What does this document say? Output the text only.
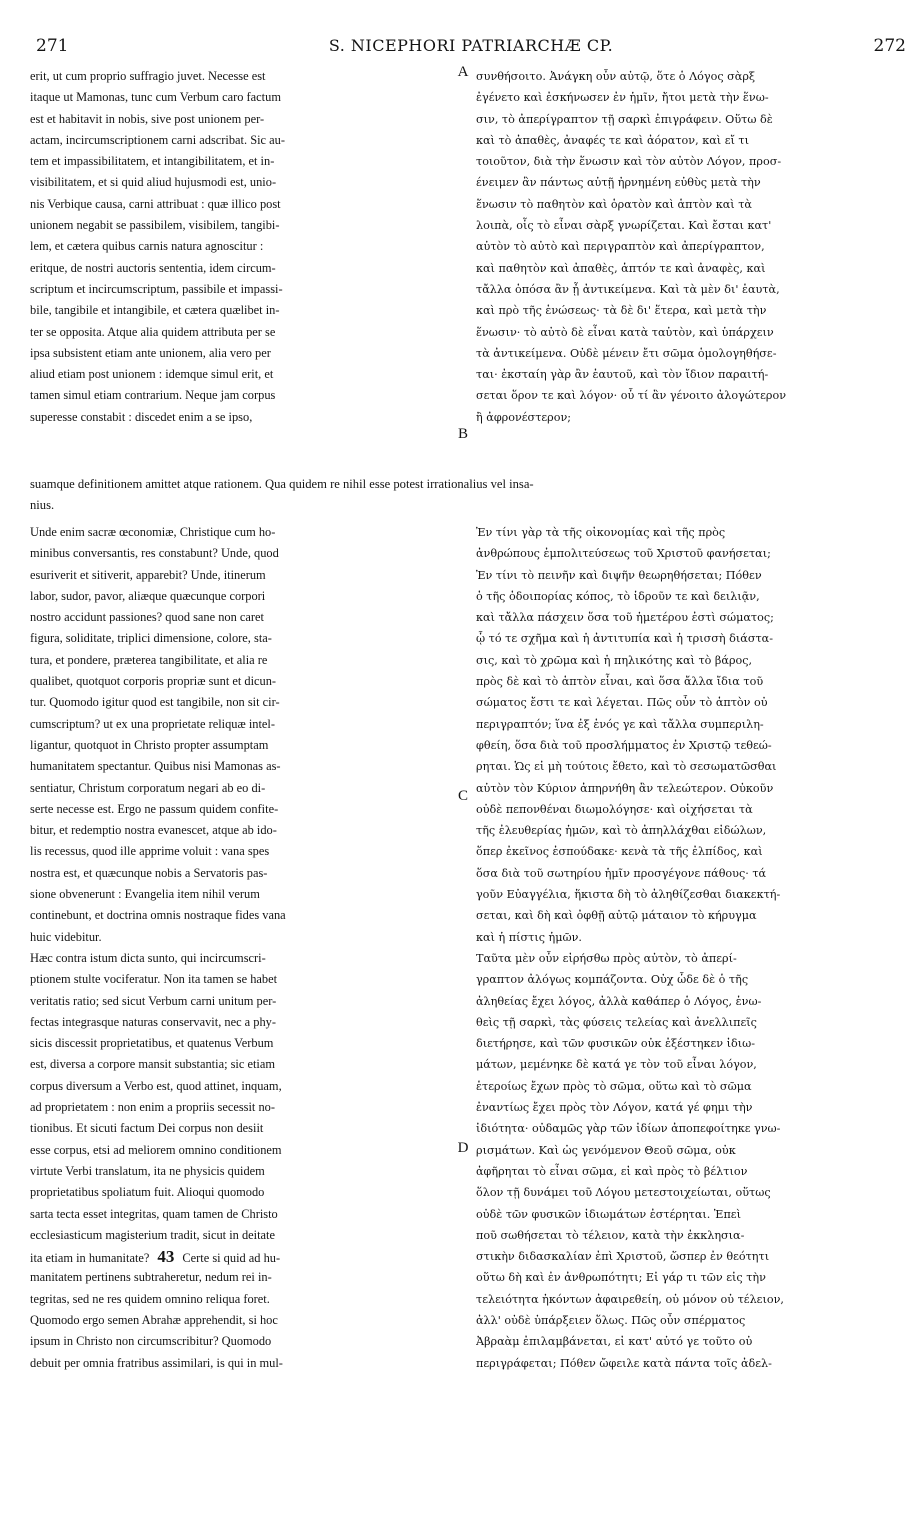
271	S. NICEPHORI PATRIARCHÆ CP.	272
erit, ut cum proprio suffragio juvet. Necesse est
itaque ut Mamonas, tunc cum Verbum caro factum
est et habitavit in nobis, sive post unionem per-
actam, incircumscriptionem carni adscribat. Sic au-
tem et impassibilitatem, et intangibilitatem, et in-
visibilitatem, et si quid aliud hujusmodi est, unio-
nis Verbique causa, carni attribuat : quæ illico post
unionem negabit se passibilem, visibilem, tangibi-
lem, et cætera quibus carnis natura agnoscitur :
eritque, de nostri auctoris sententia, idem circum-
scriptum et incircumscriptum, passibile et impassi-
bile, tangibile et intangibile, et cætera quælibet in-
ter se opposita. Atque alia quidem attributa per se
ipsa subsistent etiam ante unionem, alia vero per
aliud etiam post unionem : idemque simul erit, et
tamen simul etiam contrarium. Neque jam corpus
superesse constabit : discedet enim a se ipso,
συνθήσοιτο. Ἀνάγκη οὖν αὐτῷ, ὅτε ὁ Λόγος σὰρξ
ἐγένετο καὶ ἐσκήνωσεν ἐν ἡμῖν, ἤτοι μετὰ τὴν ἕνω-
σιν, τὸ ἀπερίγραπτον τῇ σαρκὶ ἐπιγράφειν. Οὕτω δὲ
καὶ τὸ ἀπαθὲς, ἀναφές τε καὶ ἀόρατον, καὶ εἴ τι
τοιοῦτον, διὰ τὴν ἕνωσιν καὶ τὸν αὐτὸν Λόγον, προσ-
ένειμεν ἂν πάντως αὐτῇ ἠρνημένη εὐθὺς μετὰ τὴν
ἕνωσιν τὸ παθητὸν καὶ ὁρατὸν καὶ ἁπτὸν καὶ τὰ
λοιπὰ, οἷς τὸ εἶναι σὰρξ γνωρίζεται. Καὶ ἔσται κατ'
αὐτὸν τὸ αὐτὸ καὶ περιγραπτὸν καὶ ἀπερίγραπτον,
καὶ παθητὸν καὶ ἀπαθὲς, ἁπτόν τε καὶ ἀναφὲς, καὶ
τἄλλα ὁπόσα ἂν ᾖ ἀντικείμενα. Καὶ τὰ μὲν δι' ἑαυτὰ,
καὶ πρὸ τῆς ἑνώσεως· τὰ δὲ δι' ἕτερα, καὶ μετὰ τὴν
ἕνωσιν· τὸ αὐτὸ δὲ εἶναι κατὰ ταὐτὸν, καὶ ὑπάρχειν
τὰ ἀντικείμενα. Οὐδὲ μένειν ἔτι σῶμα ὁμολογηθήσε-
ται· ἐκσταίη γὰρ ἂν ἑαυτοῦ, καὶ τὸν ἴδιον παραιτή-
σεται ὅρον τε καὶ λόγον· οὗ τί ἂν γένοιτο ἀλογώτερον
ἢ ἀφρονέστερον;
suamque definitionem amittet atque rationem. Qua quidem re nihil esse potest irrationalius vel insa-
nius.
Unde enim sacræ œconomiæ, Christique cum ho-
minibus conversantis, res constabunt? Unde, quod
esuriverit et sitiverit, apparebit? Unde, itinerum
labor, sudor, pavor, aliæque quæcunque corpori
nostro accidunt passiones? quod sane non caret
figura, soliditate, triplici dimensione, colore, sta-
tura, et pondere, præterea tangibilitate, et alia re
qualibet, quotquot corporis propriæ sunt et dicun-
tur. Quomodo igitur quod est tangibile, non sit cir-
cumscriptum? ut ex una proprietate reliquæ intel-
ligantur, quotquot in Christo propter assumptam
humanitatem spectantur. Quibus nisi Mamonas as-
sentiatur, Christum corporatum negari ab eo di-
serte necesse est. Ergo ne passum quidem confite-
bitur, et redemptio nostra evanescet, atque ab ido-
lis recessus, quod ille apprime voluit : vana spes
nostra est, et quæcunque nobis a Servatoris pas-
sione obvenerunt : Evangelia item nihil verum
continebunt, et doctrina omnis nostraque fides vana
huic videbitur.
Hæc contra istum dicta sunto, qui incircumscri-
ptionem stulte vociferatur. Non ita tamen se habet
veritatis ratio; sed sicut Verbum carni unitum per-
fectas integrasque naturas conservavit, nec a phy-
sicis discessit proprietatibus, et quatenus Verbum
est, diversa a corpore mansit substantia; sic etiam
corpus diversum a Verbo est, quod attinet, inquam,
ad proprietatem : non enim a propriis secessit no-
tionibus. Et sicuti factum Dei corpus non desiit
esse corpus, etsi ad meliorem omnino conditionem
virtute Verbi translatum, ita ne physicis quidem
proprietatibus spoliatum fuit. Alioqui quomodo
sarta tecta esset integritas, quam tamen de Christo
ecclesiasticum magisterium tradit, sicut in deitate
ita etiam in humanitate? 43 Certe si quid ad hu-
manitatem pertinens subtraheretur, nedum rei in-
tegritas, sed ne res quidem omnino reliqua foret.
Quomodo ergo semen Abrahæ apprehendit, si hoc
ipsum in Christo non circumscribitur? Quomodo
debuit per omnia fratribus assimilari, is qui in mul-
Ἐν τίνι γὰρ τὰ τῆς οἰκονομίας καὶ τῆς πρὸς
ἀνθρώπους ἐμπολιτεύσεως τοῦ Χριστοῦ φανήσεται;
Ἐν τίνι τὸ πεινῆν καὶ διψῆν θεωρηθήσεται; Πόθεν
ὁ τῆς ὁδοιπορίας κόπος, τὸ ἱδροῦν τε καὶ δειλιᾷν,
καὶ τἄλλα πάσχειν ὅσα τοῦ ἡμετέρου ἐστὶ σώματος;
ᾧ τό τε σχῆμα καὶ ἡ ἀντιτυπία καὶ ἡ τρισσὴ διάστα-
σις, καὶ τὸ χρῶμα καὶ ἡ πηλικότης καὶ τὸ βάρος,
πρὸς δὲ καὶ τὸ ἁπτὸν εἶναι, καὶ ὅσα ἄλλα ἴδια τοῦ
σώματος ἔστι τε καὶ λέγεται. Πῶς οὖν τὸ ἁπτὸν οὐ
περιγραπτόν; ἵνα ἐξ ἑνός γε καὶ τἄλλα συμπεριλη-
φθείη, ὅσα διὰ τοῦ προσλήμματος ἐν Χριστῷ τεθεώ-
ρηται. Ὡς εἰ μὴ τούτοις ἔθετο, καὶ τὸ σεσωματῶσθαι
αὐτὸν τὸν Κύριον ἀπηρνήθη ἂν τελεώτερον. Οὐκοῦν
οὐδὲ πεπονθέναι διωμολόγησε· καὶ οἰχήσεται τὰ
τῆς ἐλευθερίας ἡμῶν, καὶ τὸ ἀπηλλάχθαι εἰδώλων,
ὅπερ ἐκεῖνος ἐσπούδακε· κενὰ τὰ τῆς ἐλπίδος, καὶ
ὅσα διὰ τοῦ σωτηρίου ἡμῖν προσγέγονε πάθους· τά
γοῦν Εὐαγγέλια, ἥκιστα δὴ τὸ ἀληθίζεσθαι διακεκτή-
σεται, καὶ δὴ καὶ ὀφθῇ αὐτῷ μάταιον τὸ κήρυγμα
καὶ ἡ πίστις ἡμῶν.
Ταῦτα μὲν οὖν εἰρήσθω πρὸς αὐτὸν, τὸ ἀπερί-
γραπτον ἀλόγως κομπάζοντα. Οὐχ ὧδε δὲ ὁ τῆς
ἀληθείας ἔχει λόγος, ἀλλὰ καθάπερ ὁ Λόγος, ἑνω-
θεὶς τῇ σαρκὶ, τὰς φύσεις τελείας καὶ ἀνελλιπεῖς
διετήρησε, καὶ τῶν φυσικῶν οὐκ ἐξέστηκεν ἰδιω-
μάτων, μεμένηκε δὲ κατά γε τὸν τοῦ εἶναι λόγον,
ἑτεροίως ἔχων πρὸς τὸ σῶμα, οὕτω καὶ τὸ σῶμα
ἐναντίως ἔχει πρὸς τὸν Λόγον, κατά γέ φημι τὴν
ἰδιότητα· οὐδαμῶς γὰρ τῶν ἰδίων ἀποπεφοίτηκε γνω-
ρισμάτων. Καὶ ὡς γενόμενον Θεοῦ σῶμα, οὐκ
ἀφῆρηται τὸ εἶναι σῶμα, εἰ καὶ πρὸς τὸ βέλτιον
ὅλον τῇ δυνάμει τοῦ Λόγου μετεστοιχείωται, οὕτως
οὐδὲ τῶν φυσικῶν ἰδιωμάτων ἐστέρηται. Ἐπεὶ
ποῦ σωθήσεται τὸ τέλειον, κατὰ τὴν ἐκκλησια-
στικὴν διδασκαλίαν ἐπὶ Χριστοῦ, ὥσπερ ἐν θεότητι
οὕτω δὴ καὶ ἐν ἀνθρωπότητι; Εἰ γάρ τι τῶν εἰς τὴν
τελειότητα ἡκόντων ἀφαιρεθείη, οὐ μόνον οὐ τέλειον,
ἀλλ' οὐδὲ ὑπάρξειεν ὅλως. Πῶς οὖν σπέρματος
Ἀβραὰμ ἐπιλαμβάνεται, εἰ κατ' αὐτό γε τοῦτο οὐ
περιγράφεται; Πόθεν ὤφειλε κατὰ πάντα τοῖς ἀδελ-
A
B
C
D
